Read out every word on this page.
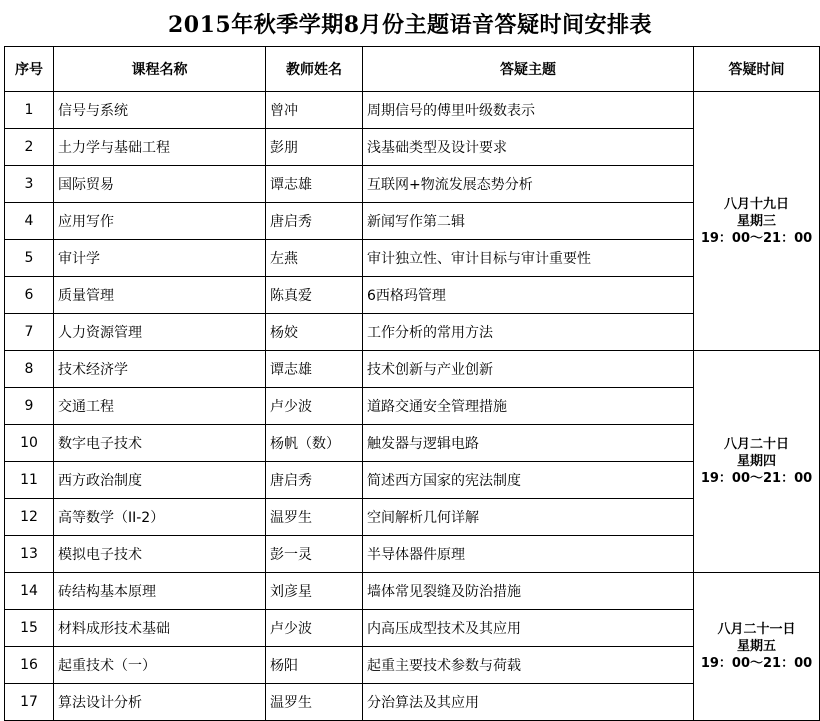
2015年秋季学期8月份主题语音答疑时间安排表
序号	课程名称	教师姓名	答疑主题	答疑时间
1	信号与系统	曾冲	周期信号的傅里叶级数表示	八月十九日
星期三
19：00～21：00

2	土力学与基础工程	彭朋	浅基础类型及设计要求	
3	国际贸易	谭志雄	互联网+物流发展态势分析	
4	应用写作	唐启秀	新闻写作第二辑	
5	审计学	左燕	审计独立性、审计目标与审计重要性	
6	质量管理	陈真爱	6西格玛管理	
7	人力资源管理	杨姣	工作分析的常用方法	
8	技术经济学	谭志雄	技术创新与产业创新	八月二十日
星期四
19：00～21：00

9	交通工程	卢少波	道路交通安全管理措施	
10	数字电子技术	杨帆（数）	触发器与逻辑电路	
11	西方政治制度	唐启秀	简述西方国家的宪法制度	
12	高等数学（II-2）	温罗生	空间解析几何详解	
13	模拟电子技术	彭一灵	半导体器件原理	
14	砖结构基本原理	刘彦星	墙体常见裂缝及防治措施	八月二十一日
星期五
19：00～21：00

15	材料成形技术基础	卢少波	内高压成型技术及其应用	
16	起重技术（一）	杨阳	起重主要技术参数与荷载	
17	算法设计分析	温罗生	分治算法及其应用	
